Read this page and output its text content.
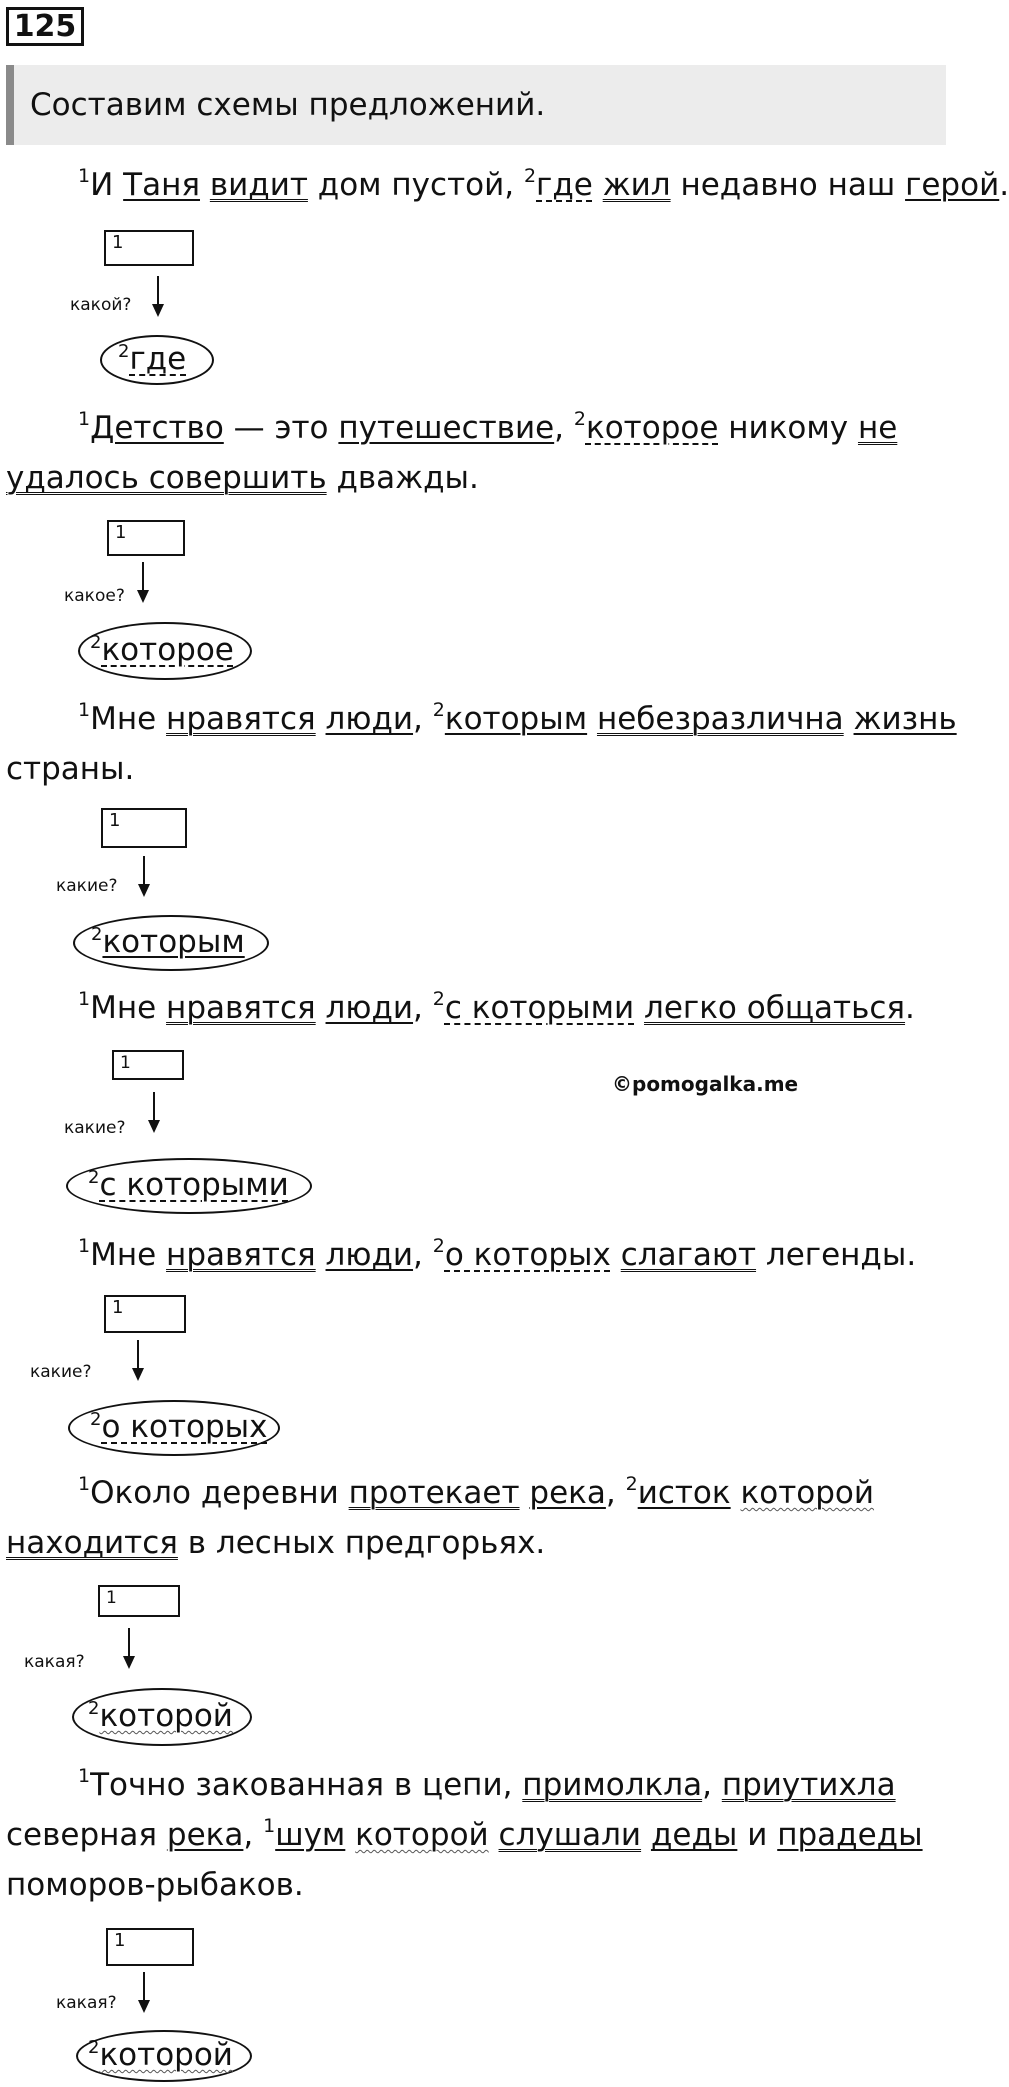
125
Составим схемы предложений.
$^1$И Таня видит дом пустой, $^2$где жил недавно наш герой.
1
какой?
$^2$где
$^1$Детство — это путешествие, $^2$которое никому не
удалось совершить дважды.
1
какое?
$^2$которое
$^1$Мне нравятся люди, $^2$которым небезразлична жизнь
страны.
1
какие?
$^2$которым
$^1$Мне нравятся люди, $^2$с которыми легко общаться.
1
©pomogalka.me
какие?
$^2$с которыми
$^1$Мне нравятся люди, $^2$о которых слагают легенды.
1
какие?
$^2$о которых
$^1$Около деревни протекает река, $^2$исток которой
находится в лесных предгорьях.
1
какая?
$^2$которой
$^1$Точно закованная в цепи, примолкла, приутихла
северная река, $^1$шум которой слушали деды и прадеды
поморов-рыбаков.
1
какая?
$^2$которой
